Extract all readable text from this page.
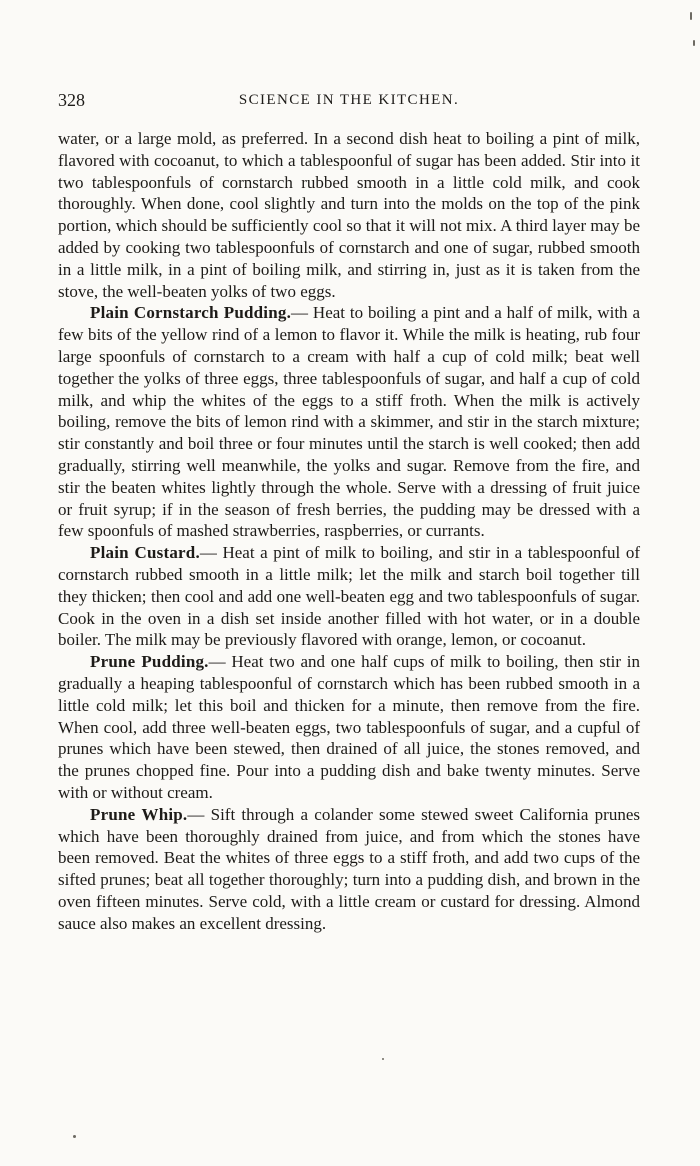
328	SCIENCE IN THE KITCHEN.

water, or a large mold, as preferred. In a second dish heat to boiling a pint of milk, flavored with cocoanut, to which a tablespoonful of sugar has been added. Stir into it two tablespoonfuls of cornstarch rubbed smooth in a little cold milk, and cook thoroughly. When done, cool slightly and turn into the molds on the top of the pink portion, which should be sufficiently cool so that it will not mix. A third layer may be added by cooking two tablespoonfuls of cornstarch and one of sugar, rubbed smooth in a little milk, in a pint of boiling milk, and stirring in, just as it is taken from the stove, the well-beaten yolks of two eggs.

Plain Cornstarch Pudding.— Heat to boiling a pint and a half of milk, with a few bits of the yellow rind of a lemon to flavor it. While the milk is heating, rub four large spoonfuls of cornstarch to a cream with half a cup of cold milk; beat well together the yolks of three eggs, three tablespoonfuls of sugar, and half a cup of cold milk, and whip the whites of the eggs to a stiff froth. When the milk is actively boiling, remove the bits of lemon rind with a skimmer, and stir in the starch mixture; stir constantly and boil three or four minutes until the starch is well cooked; then add gradually, stirring well meanwhile, the yolks and sugar. Remove from the fire, and stir the beaten whites lightly through the whole. Serve with a dressing of fruit juice or fruit syrup; if in the season of fresh berries, the pudding may be dressed with a few spoonfuls of mashed strawberries, raspberries, or currants.

Plain Custard.— Heat a pint of milk to boiling, and stir in a tablespoonful of cornstarch rubbed smooth in a little milk; let the milk and starch boil together till they thicken; then cool and add one well-beaten egg and two tablespoonfuls of sugar. Cook in the oven in a dish set inside another filled with hot water, or in a double boiler. The milk may be previously flavored with orange, lemon, or cocoanut.

Prune Pudding.— Heat two and one half cups of milk to boiling, then stir in gradually a heaping tablespoonful of cornstarch which has been rubbed smooth in a little cold milk; let this boil and thicken for a minute, then remove from the fire. When cool, add three well-beaten eggs, two tablespoonfuls of sugar, and a cupful of prunes which have been stewed, then drained of all juice, the stones removed, and the prunes chopped fine. Pour into a pudding dish and bake twenty minutes. Serve with or without cream.

Prune Whip.— Sift through a colander some stewed sweet California prunes which have been thoroughly drained from juice, and from which the stones have been removed. Beat the whites of three eggs to a stiff froth, and add two cups of the sifted prunes; beat all together thoroughly; turn into a pudding dish, and brown in the oven fifteen minutes. Serve cold, with a little cream or custard for dressing. Almond sauce also makes an excellent dressing.
